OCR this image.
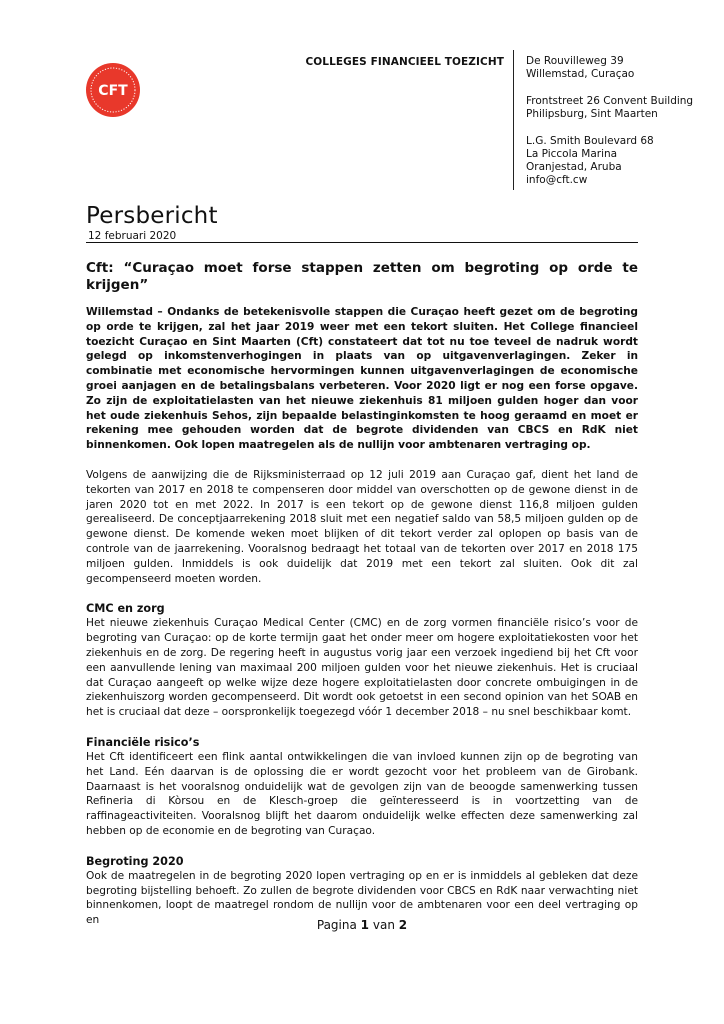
CFT
COLLEGES FINANCIEEL TOEZICHT De Rouvilleweg 39
Willemstad, Curaçao
Frontstreet 26 Convent Building
Philipsburg, Sint Maarten
L.G. Smith Boulevard 68
La Piccola Marina
Oranjestad, Aruba
info@cft.cw
Persbericht
12 februari 2020
Cft: “Curaçao moet forse stappen zetten om begroting op orde te krijgen”

Willemstad – Ondanks de betekenisvolle stappen die Curaçao heeft gezet om de begroting op orde te krijgen, zal het jaar 2019 weer met een tekort sluiten. Het College financieel toezicht Curaçao en Sint Maarten (Cft) constateert dat tot nu toe teveel de nadruk wordt gelegd op inkomstenverhogingen in plaats van op uitgavenverlagingen. Zeker in combinatie met economische hervormingen kunnen uitgavenverlagingen de economische groei aanjagen en de betalingsbalans verbeteren. Voor 2020 ligt er nog een forse opgave. Zo zijn de exploitatielasten van het nieuwe ziekenhuis 81 miljoen gulden hoger dan voor het oude ziekenhuis Sehos, zijn bepaalde belastinginkomsten te hoog geraamd en moet er rekening mee gehouden worden dat de begrote dividenden van CBCS en RdK niet binnenkomen. Ook lopen maatregelen als de nullijn voor ambtenaren vertraging op.

Volgens de aanwijzing die de Rijksministerraad op 12 juli 2019 aan Curaçao gaf, dient het land de tekorten van 2017 en 2018 te compenseren door middel van overschotten op de gewone dienst in de jaren 2020 tot en met 2022. In 2017 is een tekort op de gewone dienst 116,8 miljoen gulden gerealiseerd. De conceptjaarrekening 2018 sluit met een negatief saldo van 58,5 miljoen gulden op de gewone dienst. De komende weken moet blijken of dit tekort verder zal oplopen op basis van de controle van de jaarrekening. Vooralsnog bedraagt het totaal van de tekorten over 2017 en 2018 175 miljoen gulden. Inmiddels is ook duidelijk dat 2019 met een tekort zal sluiten. Ook dit zal gecompenseerd moeten worden.

CMC en zorg

Het nieuwe ziekenhuis Curaçao Medical Center (CMC) en de zorg vormen financiële risico’s voor de begroting van Curaçao: op de korte termijn gaat het onder meer om hogere exploitatiekosten voor het ziekenhuis en de zorg. De regering heeft in augustus vorig jaar een verzoek ingediend bij het Cft voor een aanvullende lening van maximaal 200 miljoen gulden voor het nieuwe ziekenhuis. Het is cruciaal dat Curaçao aangeeft op welke wijze deze hogere exploitatielasten door concrete ombuigingen in de ziekenhuiszorg worden gecompenseerd. Dit wordt ook getoetst in een second opinion van het SOAB en het is cruciaal dat deze – oorspronkelijk toegezegd vóór 1 december 2018 – nu snel beschikbaar komt.

Financiële risico’s

Het Cft identificeert een flink aantal ontwikkelingen die van invloed kunnen zijn op de begroting van het Land. Eén daarvan is de oplossing die er wordt gezocht voor het probleem van de Girobank. Daarnaast is het vooralsnog onduidelijk wat de gevolgen zijn van de beoogde samenwerking tussen Refineria di Kòrsou en de Klesch-groep die geïnteresseerd is in voortzetting van de raffinageactiviteiten. Vooralsnog blijft het daarom onduidelijk welke effecten deze samenwerking zal hebben op de economie en de begroting van Curaçao.

Begroting 2020

Ook de maatregelen in de begroting 2020 lopen vertraging op en er is inmiddels al gebleken dat deze begroting bijstelling behoeft. Zo zullen de begrote dividenden voor CBCS en RdK naar verwachting niet binnenkomen, loopt de maatregel rondom de nullijn voor de ambtenaren voor een deel vertraging op en	Pagina 1 van 2
